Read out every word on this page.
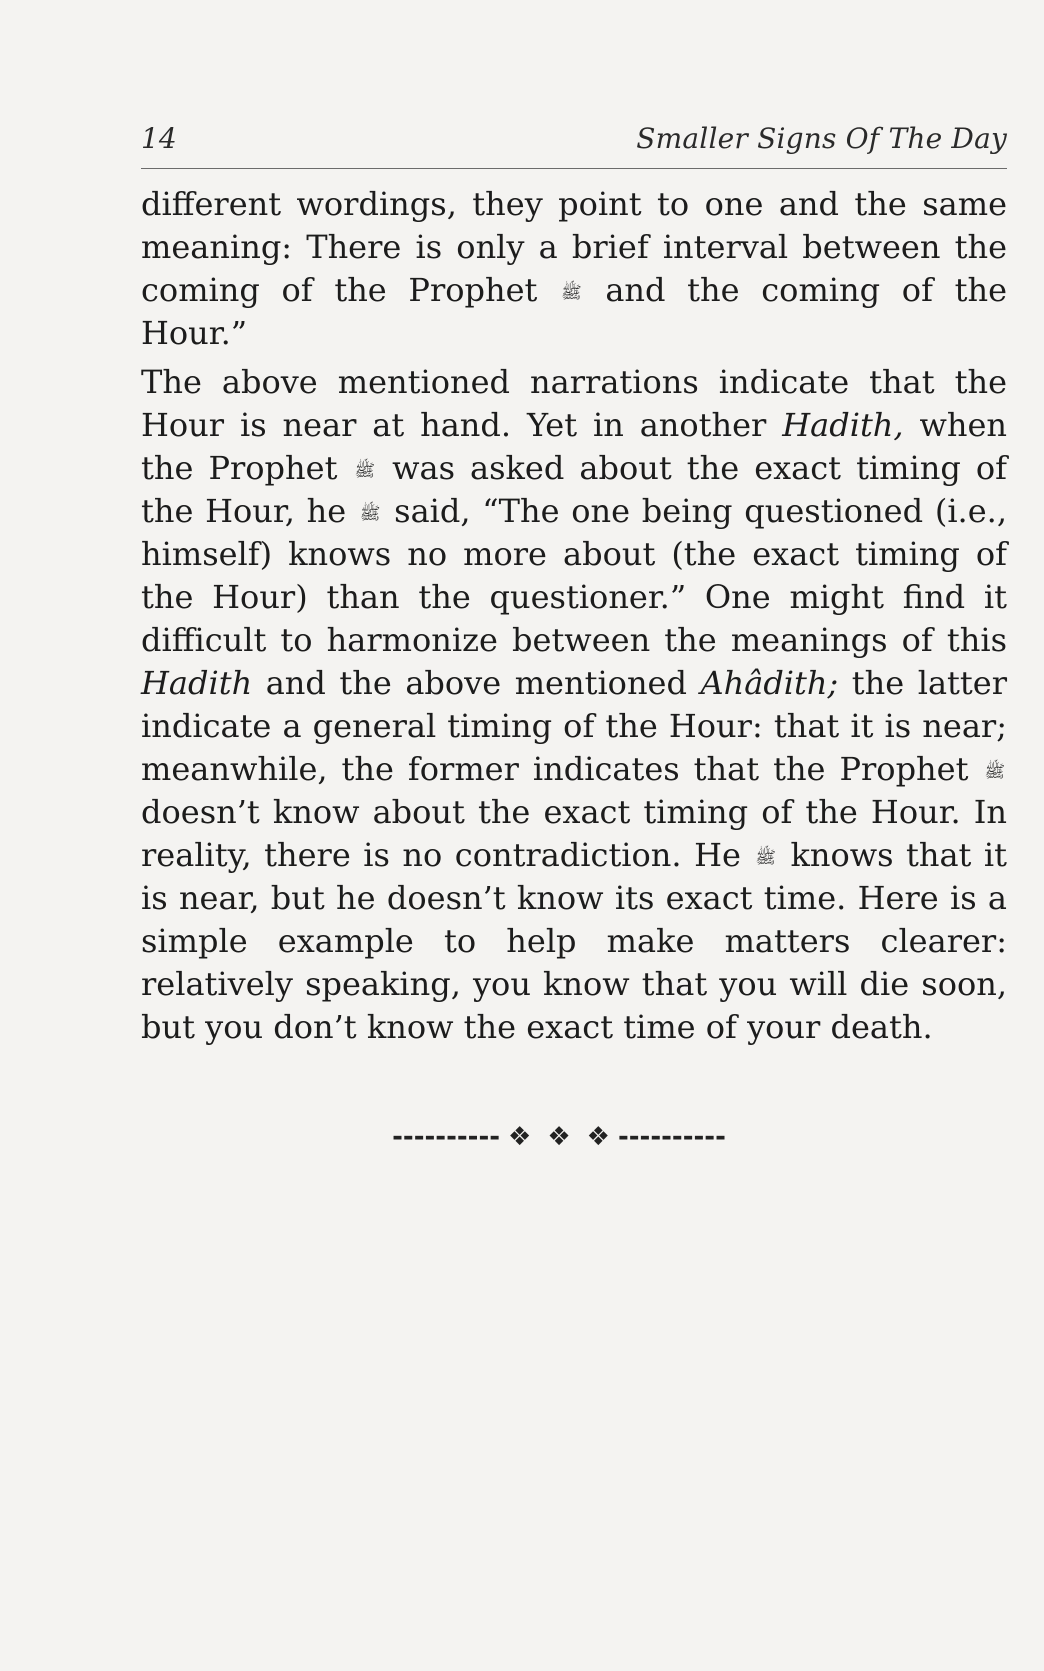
14	Smaller Signs Of The Day

different wordings, they point to one and the same meaning: There is only a brief interval between the coming of the Prophet ﷺ and the coming of the Hour.”

The above mentioned narrations indicate that the Hour is near at hand. Yet in another Hadith, when the Prophet ﷺ was asked about the exact timing of the Hour, he ﷺ said, “The one being questioned (i.e., himself) knows no more about (the exact timing of the Hour) than the questioner.” One might find it difficult to harmonize between the meanings of this Hadith and the above mentioned Ahâdith; the latter indicate a general timing of the Hour: that it is near; meanwhile, the former indicates that the Prophet ﷺ doesn’t know about the exact timing of the Hour. In reality, there is no contradiction. He ﷺ knows that it is near, but he doesn’t know its exact time. Here is a simple example to help make matters clearer: relatively speaking, you know that you will die soon, but you don’t know the exact time of your death.

---------- ❖ ❖ ❖ ----------
